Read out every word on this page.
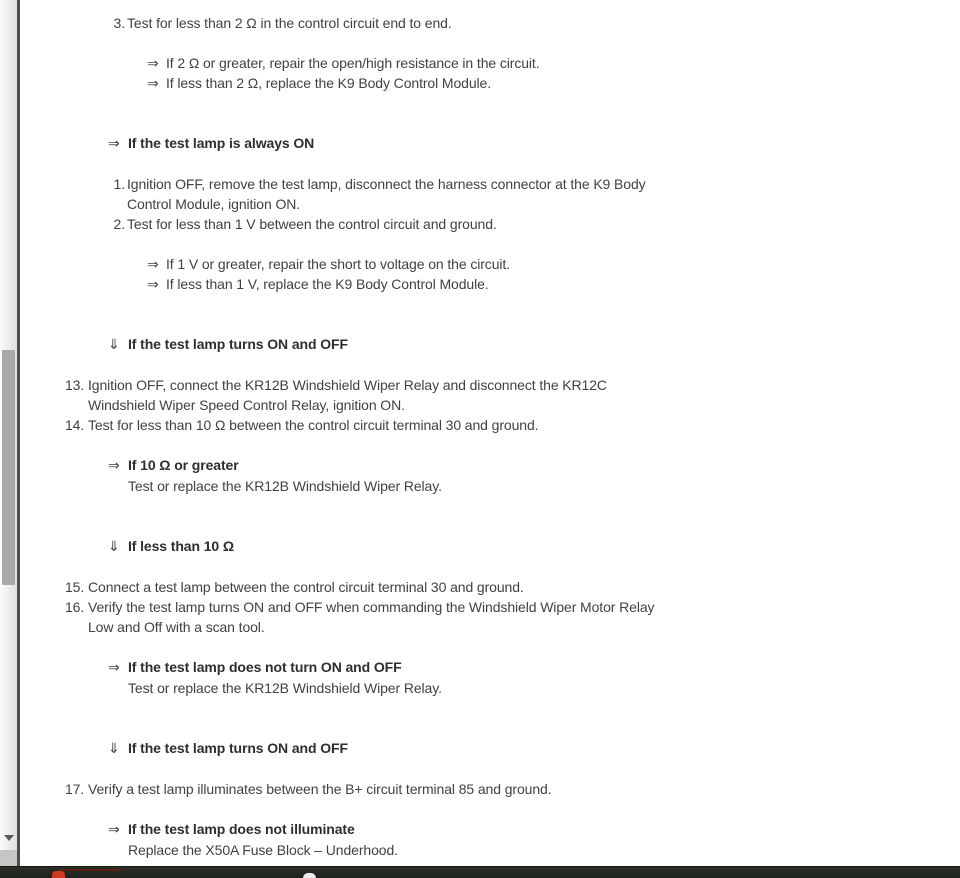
3. Test for less than 2 Ω in the control circuit end to end.
⇒ If 2 Ω or greater, repair the open/high resistance in the circuit.
⇒ If less than 2 Ω, replace the K9 Body Control Module.
⇒ If the test lamp is always ON
1. Ignition OFF, remove the test lamp, disconnect the harness connector at the K9 Body
Control Module, ignition ON.
2. Test for less than 1 V between the control circuit and ground.
⇒ If 1 V or greater, repair the short to voltage on the circuit.
⇒ If less than 1 V, replace the K9 Body Control Module.
⇓ If the test lamp turns ON and OFF
13. Ignition OFF, connect the KR12B Windshield Wiper Relay and disconnect the KR12C
Windshield Wiper Speed Control Relay, ignition ON.
14. Test for less than 10 Ω between the control circuit terminal 30 and ground.
⇒ If 10 Ω or greater
Test or replace the KR12B Windshield Wiper Relay.
⇓ If less than 10 Ω
15. Connect a test lamp between the control circuit terminal 30 and ground.
16. Verify the test lamp turns ON and OFF when commanding the Windshield Wiper Motor Relay
Low and Off with a scan tool.
⇒ If the test lamp does not turn ON and OFF
Test or replace the KR12B Windshield Wiper Relay.
⇓ If the test lamp turns ON and OFF
17. Verify a test lamp illuminates between the B+ circuit terminal 85 and ground.
⇒ If the test lamp does not illuminate
Replace the X50A Fuse Block – Underhood.
